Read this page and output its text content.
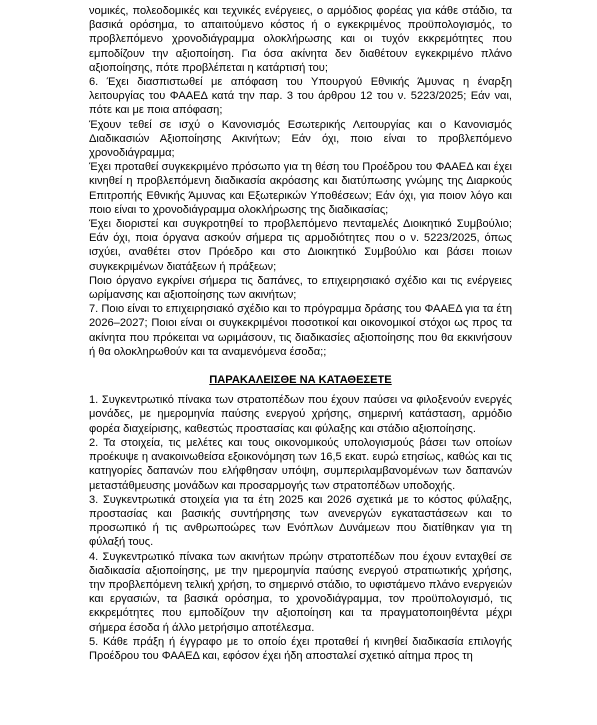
νομικές, πολεοδομικές και τεχνικές ενέργειες, ο αρμόδιος φορέας για κάθε στάδιο, τα βασικά ορόσημα, το απαιτούμενο κόστος ή ο εγκεκριμένος προϋπολογισμός, το προβλεπόμενο χρονοδιάγραμμα ολοκλήρωσης και οι τυχόν εκκρεμότητες που εμποδίζουν την αξιοποίηση. Για όσα ακίνητα δεν διαθέτουν εγκεκριμένο πλάνο αξιοποίησης, πότε προβλέπεται η κατάρτισή του;

6. Έχει διασπιστωθεί με απόφαση του Υπουργού Εθνικής Άμυνας η έναρξη λειτουργίας του ΦΑΑΕΔ κατά την παρ. 3 του άρθρου 12 του ν. 5223/2025; Εάν ναι, πότε και με ποια απόφαση;

Έχουν τεθεί σε ισχύ ο Κανονισμός Εσωτερικής Λειτουργίας και ο Κανονισμός Διαδικασιών Αξιοποίησης Ακινήτων; Εάν όχι, ποιο είναι το προβλεπόμενο χρονοδιάγραμμα;

Έχει προταθεί συγκεκριμένο πρόσωπο για τη θέση του Προέδρου του ΦΑΑΕΔ και έχει κινηθεί η προβλεπόμενη διαδικασία ακρόασης και διατύπωσης γνώμης της Διαρκούς Επιτροπής Εθνικής Άμυνας και Εξωτερικών Υποθέσεων; Εάν όχι, για ποιον λόγο και ποιο είναι το χρονοδιάγραμμα ολοκλήρωσης της διαδικασίας;

Έχει διοριστεί και συγκροτηθεί το προβλεπόμενο πενταμελές Διοικητικό Συμβούλιο; Εάν όχι, ποια όργανα ασκούν σήμερα τις αρμοδιότητες που ο ν. 5223/2025, όπως ισχύει, αναθέτει στον Πρόεδρο και στο Διοικητικό Συμβούλιο και βάσει ποιων συγκεκριμένων διατάξεων ή πράξεων;

Ποιο όργανο εγκρίνει σήμερα τις δαπάνες, το επιχειρησιακό σχέδιο και τις ενέργειες ωρίμανσης και αξιοποίησης των ακινήτων;

7. Ποιο είναι το επιχειρησιακό σχέδιο και το πρόγραμμα δράσης του ΦΑΑΕΔ για τα έτη 2026–2027; Ποιοι είναι οι συγκεκριμένοι ποσοτικοί και οικονομικοί στόχοι ως προς τα ακίνητα που πρόκειται να ωριμάσουν, τις διαδικασίες αξιοποίησης που θα εκκινήσουν ή θα ολοκληρωθούν και τα αναμενόμενα έσοδα;;

ΠΑΡΑΚΑΛΕΙΣΘΕ ΝΑ ΚΑΤΑΘΕΣΕΤΕ

1. Συγκεντρωτικό πίνακα των στρατοπέδων που έχουν παύσει να φιλοξενούν ενεργές μονάδες, με ημερομηνία παύσης ενεργού χρήσης, σημερινή κατάσταση, αρμόδιο φορέα διαχείρισης, καθεστώς προστασίας και φύλαξης και στάδιο αξιοποίησης.

2. Τα στοιχεία, τις μελέτες και τους οικονομικούς υπολογισμούς βάσει των οποίων προέκυψε η ανακοινωθείσα εξοικονόμηση των 16,5 εκατ. ευρώ ετησίως, καθώς και τις κατηγορίες δαπανών που ελήφθησαν υπόψη, συμπεριλαμβανομένων των δαπανών μεταστάθμευσης μονάδων και προσαρμογής των στρατοπέδων υποδοχής.

3. Συγκεντρωτικά στοιχεία για τα έτη 2025 και 2026 σχετικά με το κόστος φύλαξης, προστασίας και βασικής συντήρησης των ανενεργών εγκαταστάσεων και το προσωπικό ή τις ανθρωποώρες των Ενόπλων Δυνάμεων που διατίθηκαν για τη φύλαξή τους.

4. Συγκεντρωτικό πίνακα των ακινήτων πρώην στρατοπέδων που έχουν ενταχθεί σε διαδικασία αξιοποίησης, με την ημερομηνία παύσης ενεργού στρατιωτικής χρήσης, την προβλεπόμενη τελική χρήση, το σημερινό στάδιο, το υφιστάμενο πλάνο ενεργειών και εργασιών, τα βασικά ορόσημα, το χρονοδιάγραμμα, τον προϋπολογισμό, τις εκκρεμότητες που εμποδίζουν την αξιοποίηση και τα πραγματοποιηθέντα μέχρι σήμερα έσοδα ή άλλο μετρήσιμο αποτέλεσμα.

5. Κάθε πράξη ή έγγραφο με το οποίο έχει προταθεί ή κινηθεί διαδικασία επιλογής Προέδρου του ΦΑΑΕΔ και, εφόσον έχει ήδη αποσταλεί σχετικό αίτημα προς τη
